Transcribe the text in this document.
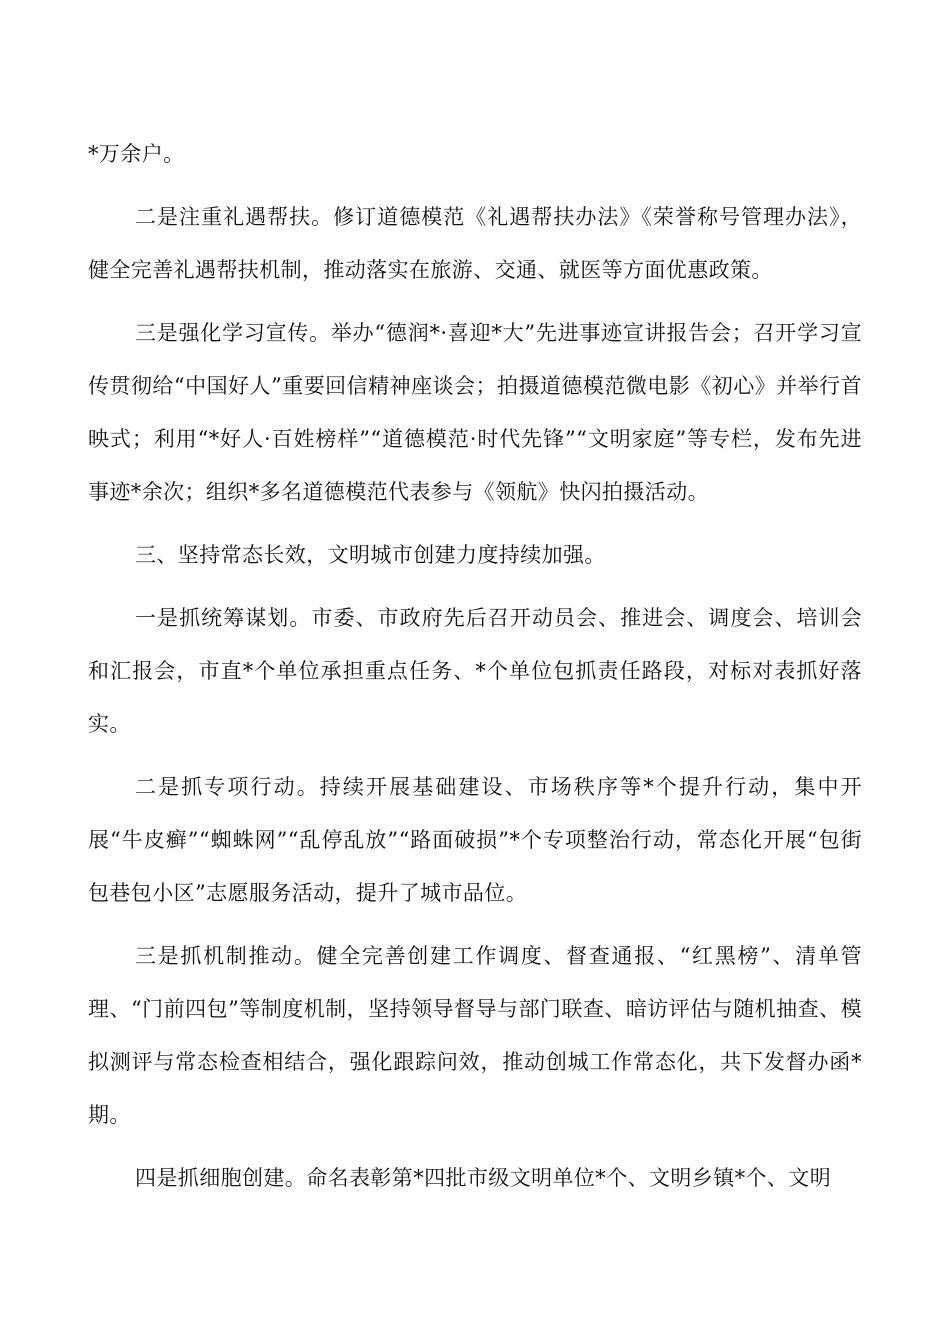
*万余户。

二是注重礼遇帮扶。修订道德模范《礼遇帮扶办法》《荣誉称号管理办法》，健全完善礼遇帮扶机制，推动落实在旅游、交通、就医等方面优惠政策。

三是强化学习宣传。举办“德润*·喜迎*大”先进事迹宣讲报告会；召开学习宣传贯彻给“中国好人”重要回信精神座谈会；拍摄道德模范微电影《初心》并举行首映式；利用“*好人·百姓榜样”“道德模范·时代先锋”“文明家庭”等专栏，发布先进事迹*余次；组织*多名道德模范代表参与《领航》快闪拍摄活动。

三、坚持常态长效，文明城市创建力度持续加强。

一是抓统筹谋划。市委、市政府先后召开动员会、推进会、调度会、培训会和汇报会，市直*个单位承担重点任务、*个单位包抓责任路段，对标对表抓好落实。

二是抓专项行动。持续开展基础建设、市场秩序等*个提升行动，集中开展“牛皮癣”“蜘蛛网”“乱停乱放”“路面破损”*个专项整治行动，常态化开展“包街包巷包小区”志愿服务活动，提升了城市品位。

三是抓机制推动。健全完善创建工作调度、督查通报、“红黑榜”、清单管理、“门前四包”等制度机制，坚持领导督导与部门联查、暗访评估与随机抽查、模拟测评与常态检查相结合，强化跟踪问效，推动创城工作常态化，共下发督办函*期。

四是抓细胞创建。命名表彰第*四批市级文明单位*个、文明乡镇*个、文明
